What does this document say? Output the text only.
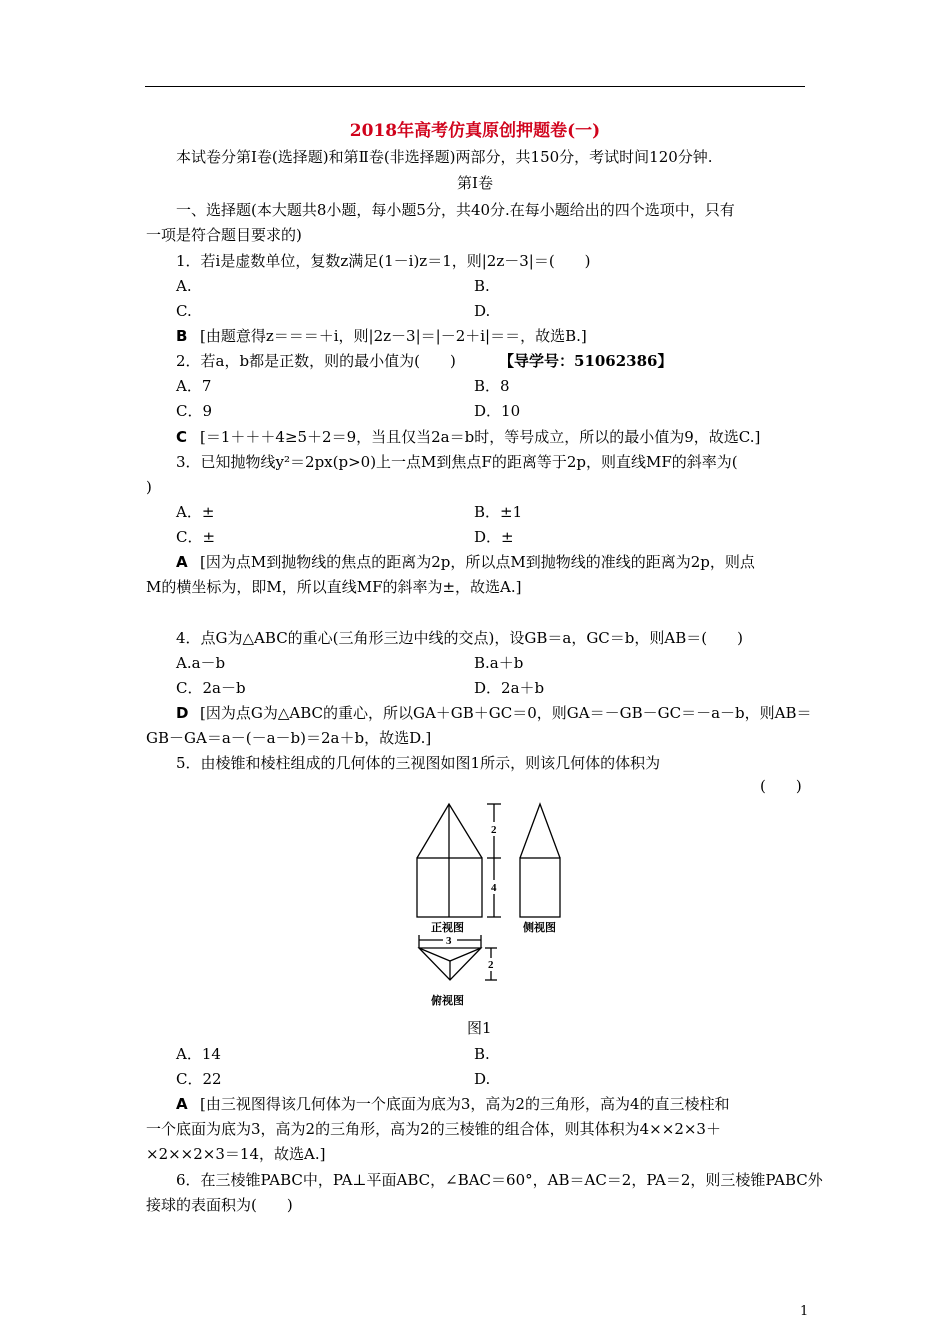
2018年高考仿真原创押题卷(一)
本试卷分第Ⅰ卷(选择题)和第Ⅱ卷(非选择题)两部分，共150分，考试时间120分钟.
第Ⅰ卷
一、选择题(本大题共8小题，每小题5分，共40分.在每小题给出的四个选项中，只有
一项是符合题目要求的)
1．若i是虚数单位，复数z满足(1－i)z＝1，则|2z－3|＝(　　)
A.	B.
C.	D.
B [由题意得z＝＝＝＋i，则|2z－3|＝|－2＋i|＝＝，故选B.]
2．若a，b都是正数，则的最小值为(　　)	【导学号：51062386】
A．7	B．8
C．9	D．10
C [＝1＋＋＋4≥5＋2＝9，当且仅当2a＝b时，等号成立，所以的最小值为9，故选C.]
3．已知抛物线y²＝2px(p>0)上一点M到焦点F的距离等于2p，则直线MF的斜率为(
)
A．±	B．±1
C．±	D．±
A [因为点M到抛物线的焦点的距离为2p，所以点M到抛物线的准线的距离为2p，则点
M的横坐标为，即M，所以直线MF的斜率为±，故选A.]
4．点G为△ABC的重心(三角形三边中线的交点)，设GB＝a，GC＝b，则AB＝(　　)
A.a－b	B.a＋b
C．2a－b	D．2a＋b
D [因为点G为△ABC的重心，所以GA＋GB＋GC＝0，则GA＝－GB－GC＝－a－b，则AB＝
GB－GA＝a－(－a－b)＝2a＋b，故选D.]
5．由棱锥和棱柱组成的几何体的三视图如图1所示，则该几何体的体积为
(　　)
2
4
3
2
正视图	侧视图
俯视图
图1
A．14	B.
C．22	D.
A [由三视图得该几何体为一个底面为底为3，高为2的三角形，高为4的直三棱柱和
一个底面为底为3，高为2的三角形，高为2的三棱锥的组合体，则其体积为4××2×3＋
×2××2×3＝14，故选A.]
6．在三棱锥PABC中，PA⊥平面ABC，∠BAC＝60°，AB＝AC＝2，PA＝2，则三棱锥PABC外
接球的表面积为(　　)
1
